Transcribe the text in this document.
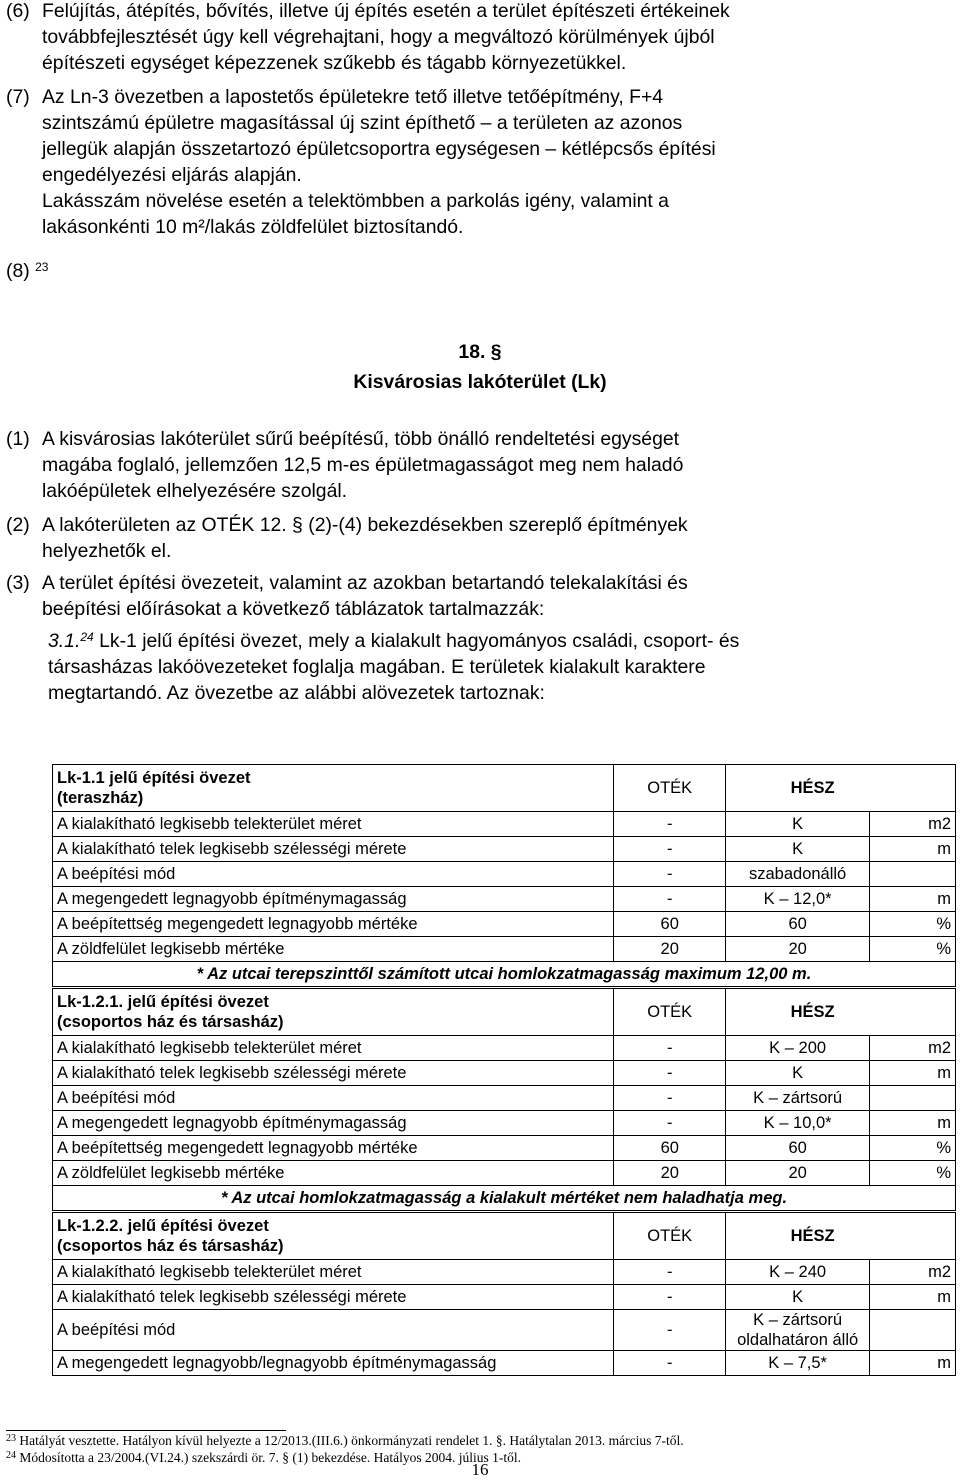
(6) Felújítás, átépítés, bővítés, illetve új építés esetén a terület építészeti értékeinek

továbbfejlesztését úgy kell végrehajtani, hogy a megváltozó körülmények újból

építészeti egységet képezzenek szűkebb és tágabb környezetükkel.

(7) Az Ln-3 övezetben a lapostetős épületekre tető illetve tetőépítmény, F+4

szintszámú épületre magasítással új szint építhető – a területen az azonos

jellegük alapján összetartozó épületcsoportra egységesen – kétlépcsős építési

engedélyezési eljárás alapján.

Lakásszám növelése esetén a telektömbben a parkolás igény, valamint a

lakásonkénti 10 m²/lakás zöldfelület biztosítandó.

(8) $^{23}$
18. §
Kisvárosias lakóterület (Lk)
(1) A kisvárosias lakóterület sűrű beépítésű, több önálló rendeltetési egységet

magába foglaló, jellemzően 12,5 m-es épületmagasságot meg nem haladó

lakóépületek elhelyezésére szolgál.

(2) A lakóterületen az OTÉK 12. § (2)-(4) bekezdésekben szereplő építmények

helyezhetők el.

(3) A terület építési övezeteit, valamint az azokban betartandó telekalakítási és

beépítési előírásokat a következő táblázatok tartalmazzák:

3.1.24 Lk-1 jelű építési övezet, mely a kialakult hagyományos családi, csoport- és

társasházas lakóövezeteket foglalja magában. E területek kialakult karaktere

megtartandó. Az övezetbe az alábbi alövezetek tartoznak:

Lk-1.1 jelű építési övezet
(teraszház)	OTÉK	HÉSZ	
A kialakítható legkisebb telekterület méret	-	K	m2
A kialakítható telek legkisebb szélességi mérete	-	K	m
A beépítési mód	-	szabadonálló	
A megengedett legnagyobb építménymagasság	-	K – 12,0*	m
A beépítettség megengedett legnagyobb mértéke	60	60	%
A zöldfelület legkisebb mértéke	20	20	%
* Az utcai terepszinttől számított utcai homlokzatmagasság maximum 12,00 m.			
Lk-1.2.1. jelű építési övezet
(csoportos ház és társasház)	OTÉK	HÉSZ	
A kialakítható legkisebb telekterület méret	-	K – 200	m2
A kialakítható telek legkisebb szélességi mérete	-	K	m
A beépítési mód	-	K – zártsorú	
A megengedett legnagyobb építménymagasság	-	K – 10,0*	m
A beépítettség megengedett legnagyobb mértéke	60	60	%
A zöldfelület legkisebb mértéke	20	20	%
* Az utcai homlokzatmagasság a kialakult mértéket nem haladhatja meg.			
Lk-1.2.2. jelű építési övezet
(csoportos ház és társasház)	OTÉK	HÉSZ	
A kialakítható legkisebb telekterület méret	-	K – 240	m2
A kialakítható telek legkisebb szélességi mérete	-	K	m
A beépítési mód	-	K – zártsorú
oldalhatáron álló	
A megengedett legnagyobb/legnagyobb építménymagasság	-	K – 7,5*	m
$^{23}$ Hatályát vesztette. Hatályon kívül helyezte a 12/2013.(III.6.) önkormányzati rendelet 1. §. Hatálytalan 2013. március 7-től.
$^{24}$ Módosította a 23/2004.(VI.24.) szekszárdi ör. 7. § (1) bekezdése. Hatályos 2004. július 1-től.
16
